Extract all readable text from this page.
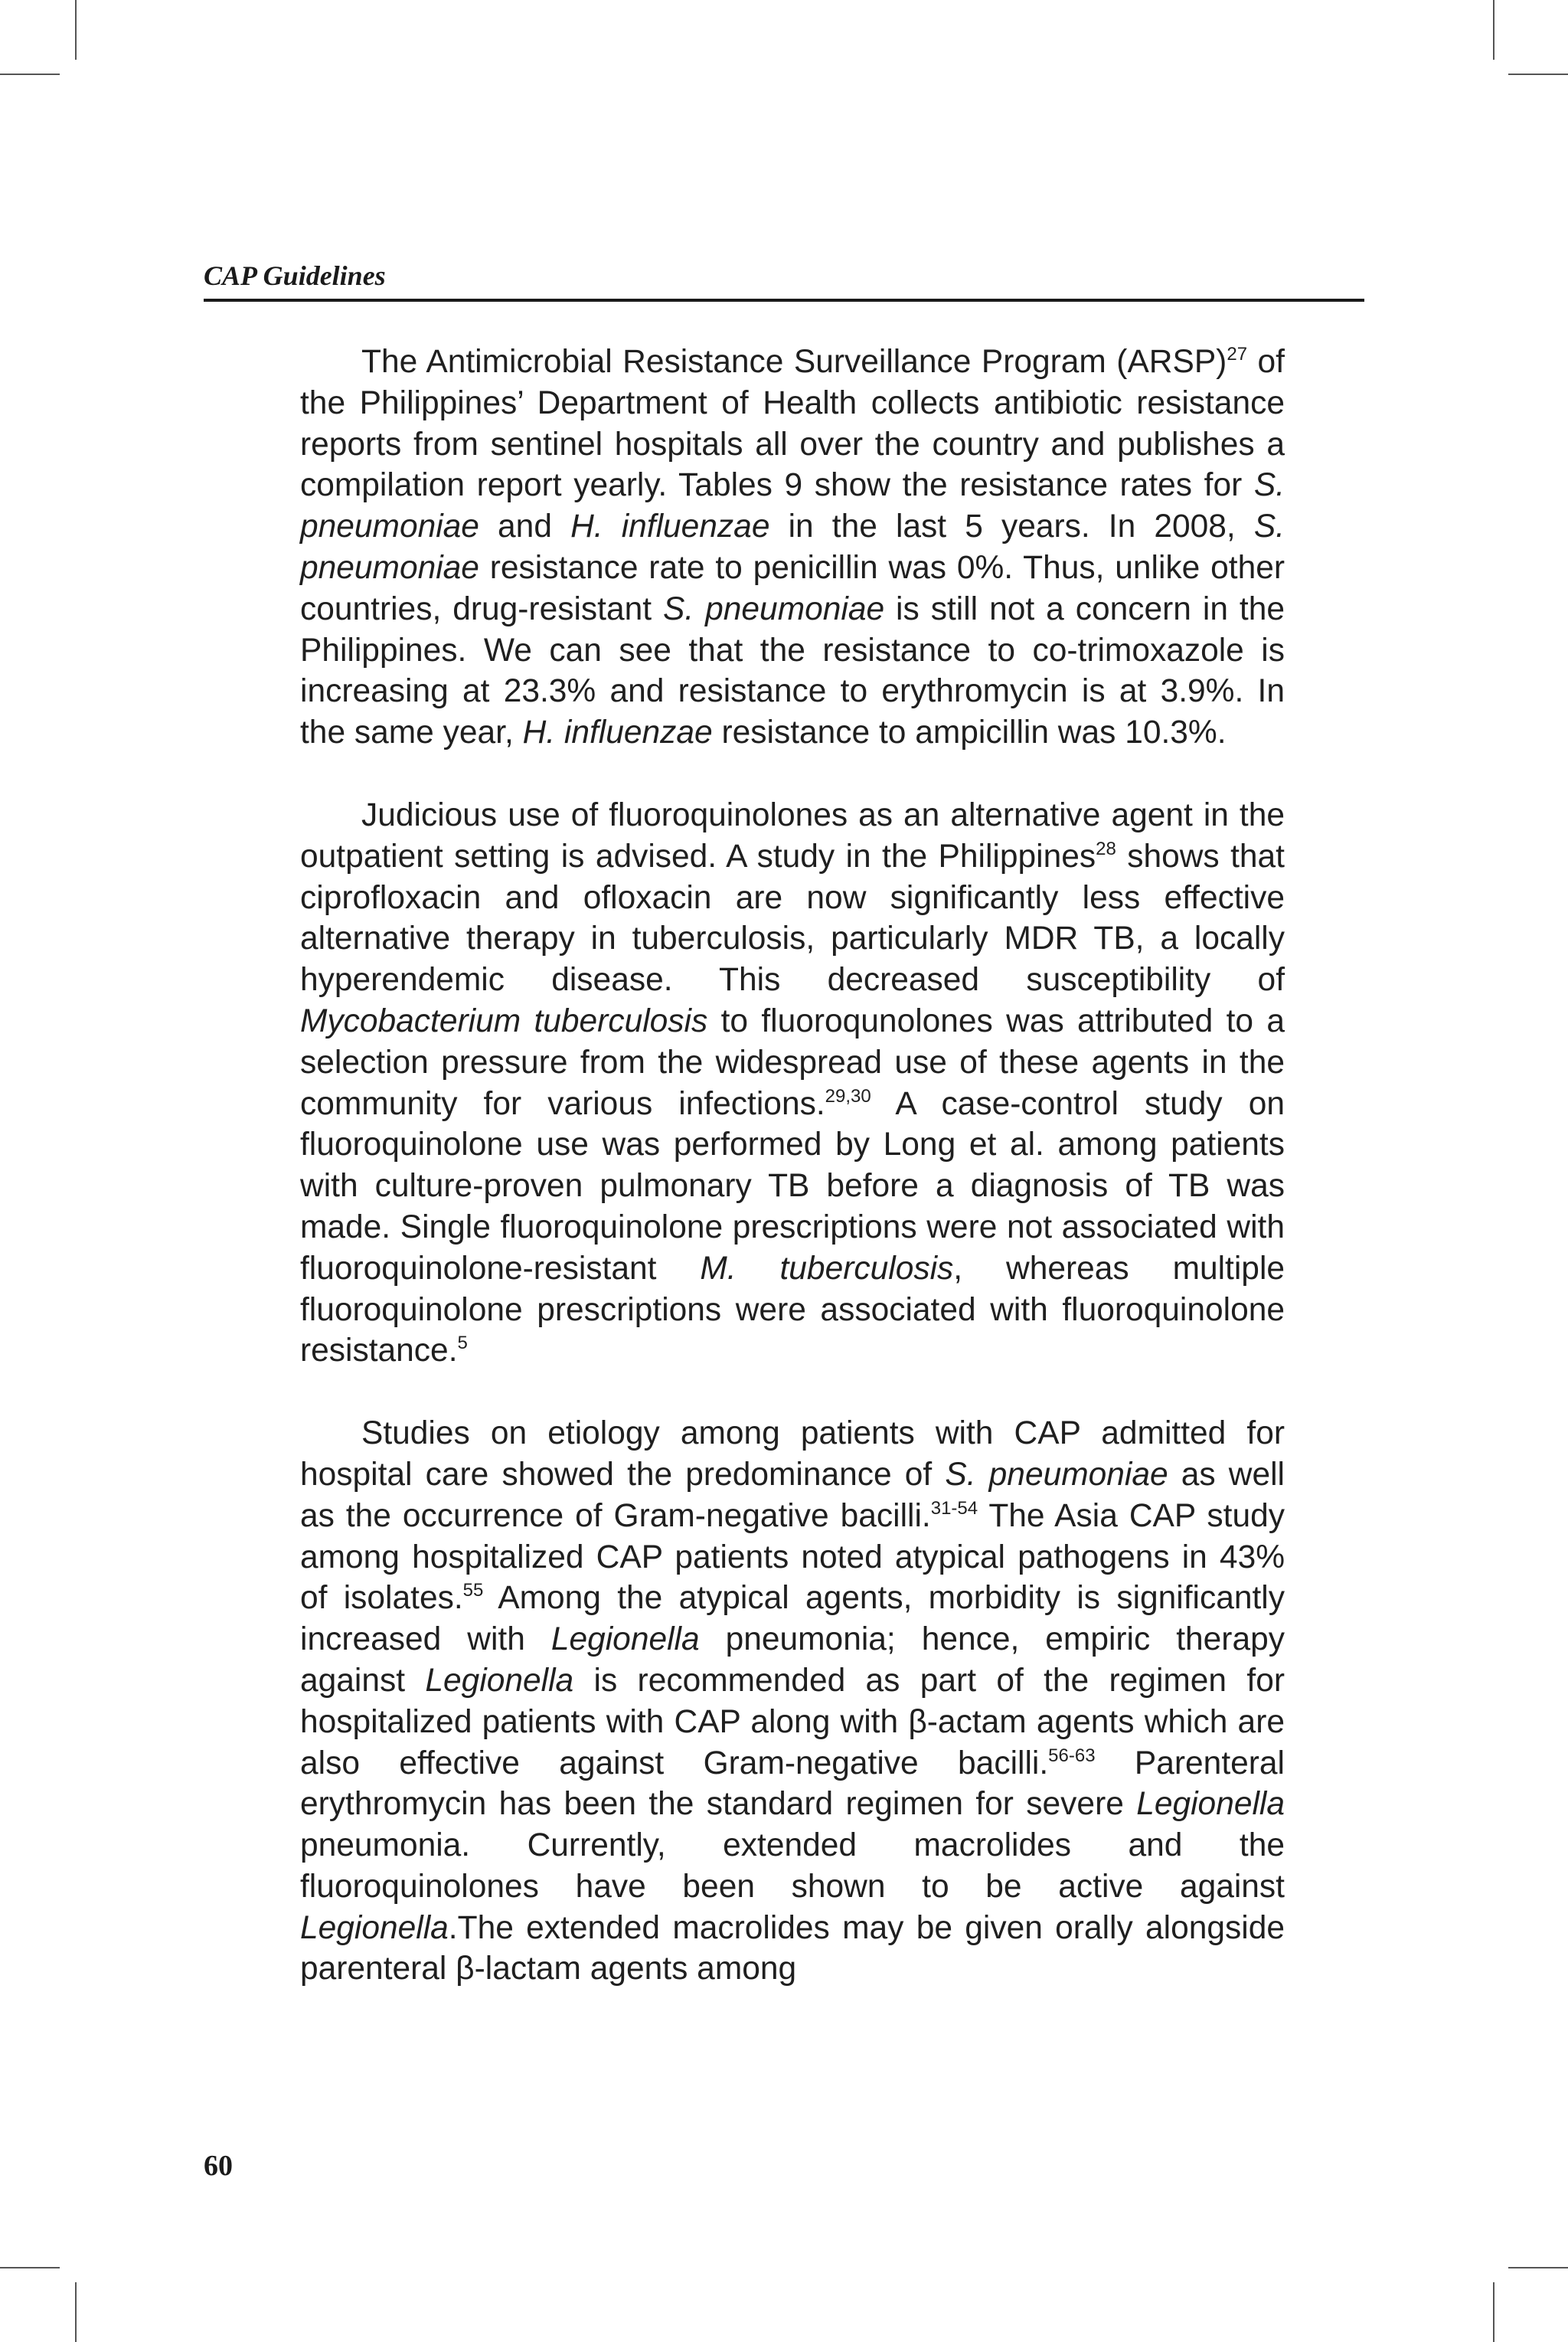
CAP Guidelines

The Antimicrobial Resistance Surveillance Program (ARSP)$^{27}$ of the Philippines’ Department of Health collects antibiotic resistance reports from sentinel hospitals all over the country and publishes a compilation report yearly. Tables 9 show the resistance rates for S. pneumoniae and H. influenzae in the last 5 years. In 2008, S. pneumoniae resistance rate to penicillin was 0%. Thus, unlike other countries, drug-resistant S. pneumoniae is still not a concern in the Philippines. We can see that the resistance to co-trimoxazole is increasing at 23.3% and resistance to erythromycin is at 3.9%. In the same year, H. influenzae resistance to ampicillin was 10.3%.

Judicious use of fluoroquinolones as an alternative agent in the outpatient setting is advised. A study in the Philippines$^{28}$ shows that ciprofloxacin and ofloxacin are now significantly less effective alternative therapy in tuberculosis, particularly MDR TB, a locally hyperendemic disease. This decreased susceptibility of Mycobacterium tuberculosis to fluoroqunolones was attributed to a selection pressure from the widespread use of these agents in the community for various infections.$^{29,30}$ A case-control study on fluoroquinolone use was performed by Long et al. among patients with culture-proven pulmonary TB before a diagnosis of TB was made. Single fluoroquinolone prescriptions were not associated with fluoroquinolone-resistant M. tuberculosis, whereas multiple fluoroquinolone prescriptions were associated with fluoroquinolone resistance.$^5$

Studies on etiology among patients with CAP admitted for hospital care showed the predominance of S. pneumoniae as well as the occurrence of Gram-negative bacilli.$^{31-54}$ The Asia CAP study among hospitalized CAP patients noted atypical pathogens in 43% of isolates.$^{55}$ Among the atypical agents, morbidity is significantly increased with Legionella pneumonia; hence, empiric therapy against Legionella is recommended as part of the regimen for hospitalized patients with CAP along with β-actam agents which are also effective against Gram-negative bacilli.$^{56-63}$ Parenteral erythromycin has been the standard regimen for severe Legionella pneumonia. Currently, extended macrolides and the fluoroquinolones have been shown to be active against Legionella.The extended macrolides may be given orally alongside parenteral β-lactam agents among

60
